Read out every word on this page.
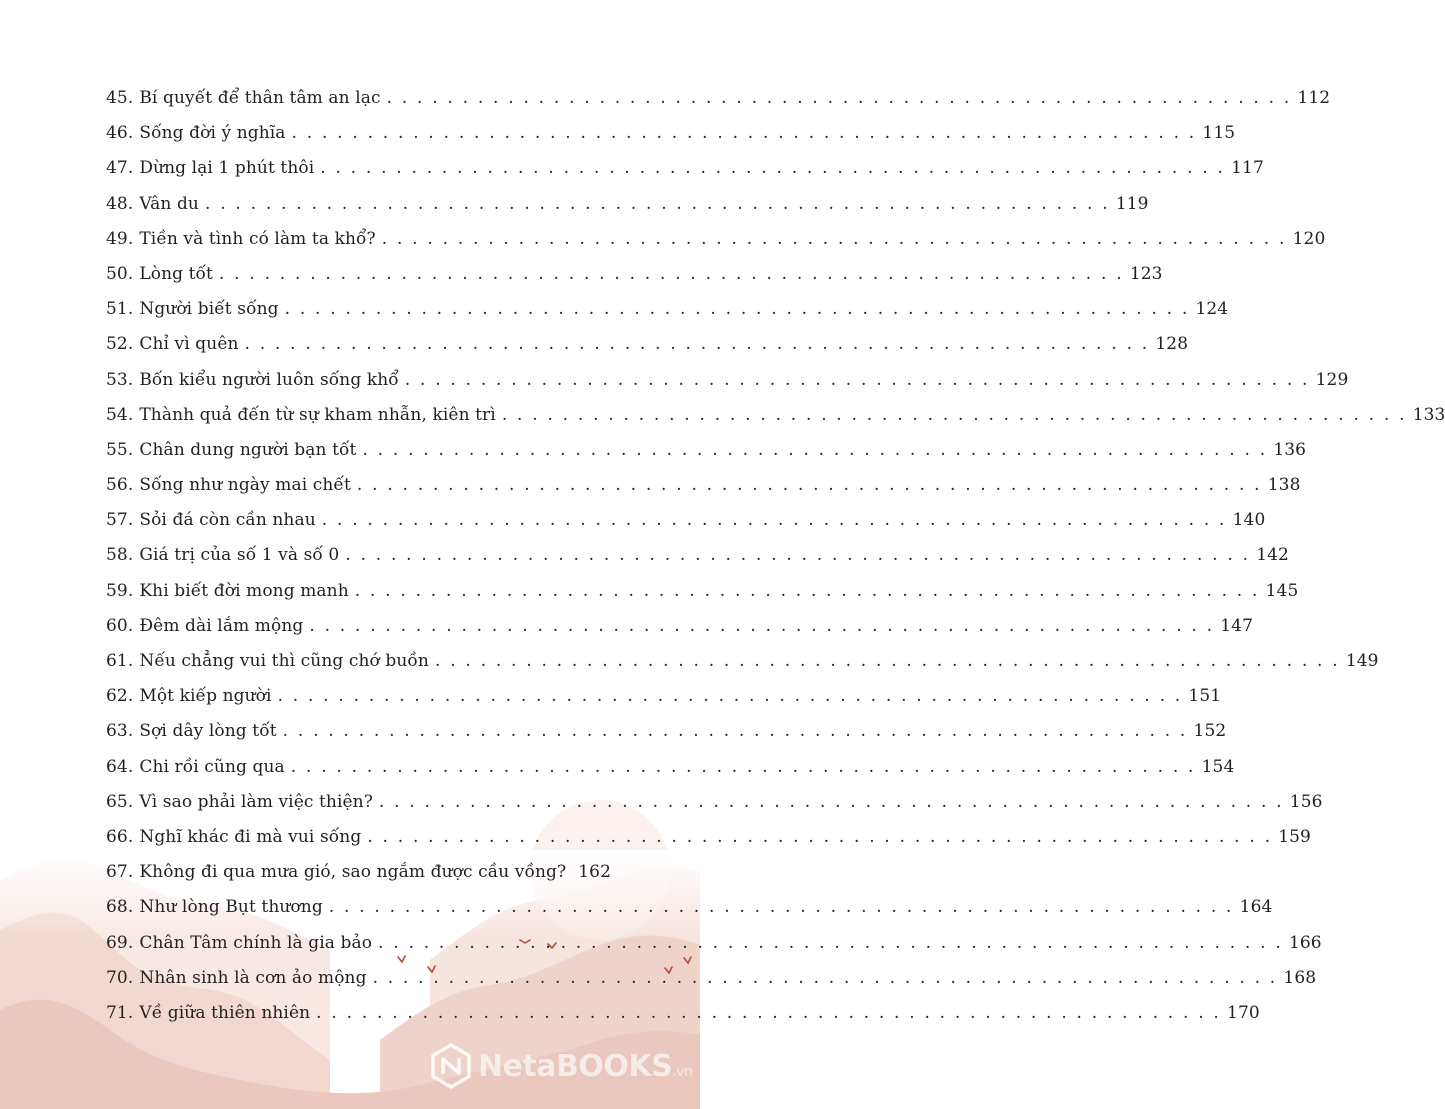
45. Bí quyết để thân tâm an lạc . . . . . . . . . . . . . . . . . . . . . . . . . . . . . . . . . . . . . . . . . . . . . . . . . . . . . . . . . . . . 112
46. Sống đời ý nghĩa . . . . . . . . . . . . . . . . . . . . . . . . . . . . . . . . . . . . . . . . . . . . . . . . . . . . . . . . . . . . 115
47. Dừng lại 1 phút thôi . . . . . . . . . . . . . . . . . . . . . . . . . . . . . . . . . . . . . . . . . . . . . . . . . . . . . . . . . . . . 117
48. Vân du . . . . . . . . . . . . . . . . . . . . . . . . . . . . . . . . . . . . . . . . . . . . . . . . . . . . . . . . . . . . 119
49. Tiền và tình có làm ta khổ? . . . . . . . . . . . . . . . . . . . . . . . . . . . . . . . . . . . . . . . . . . . . . . . . . . . . . . . . . . . . 120
50. Lòng tốt . . . . . . . . . . . . . . . . . . . . . . . . . . . . . . . . . . . . . . . . . . . . . . . . . . . . . . . . . . . . 123
51. Người biết sống . . . . . . . . . . . . . . . . . . . . . . . . . . . . . . . . . . . . . . . . . . . . . . . . . . . . . . . . . . . . 124
52. Chỉ vì quên . . . . . . . . . . . . . . . . . . . . . . . . . . . . . . . . . . . . . . . . . . . . . . . . . . . . . . . . . . . . 128
53. Bốn kiểu người luôn sống khổ . . . . . . . . . . . . . . . . . . . . . . . . . . . . . . . . . . . . . . . . . . . . . . . . . . . . . . . . . . . . 129
54. Thành quả đến từ sự kham nhẫn, kiên trì . . . . . . . . . . . . . . . . . . . . . . . . . . . . . . . . . . . . . . . . . . . . . . . . . . . . . . . . . . . . 133
55. Chân dung người bạn tốt . . . . . . . . . . . . . . . . . . . . . . . . . . . . . . . . . . . . . . . . . . . . . . . . . . . . . . . . . . . . 136
56. Sống như ngày mai chết . . . . . . . . . . . . . . . . . . . . . . . . . . . . . . . . . . . . . . . . . . . . . . . . . . . . . . . . . . . . 138
57. Sỏi đá còn cần nhau . . . . . . . . . . . . . . . . . . . . . . . . . . . . . . . . . . . . . . . . . . . . . . . . . . . . . . . . . . . . 140
58. Giá trị của số 1 và số 0 . . . . . . . . . . . . . . . . . . . . . . . . . . . . . . . . . . . . . . . . . . . . . . . . . . . . . . . . . . . . 142
59. Khi biết đời mong manh . . . . . . . . . . . . . . . . . . . . . . . . . . . . . . . . . . . . . . . . . . . . . . . . . . . . . . . . . . . . 145
60. Đêm dài lắm mộng . . . . . . . . . . . . . . . . . . . . . . . . . . . . . . . . . . . . . . . . . . . . . . . . . . . . . . . . . . . . 147
61. Nếu chẳng vui thì cũng chớ buồn . . . . . . . . . . . . . . . . . . . . . . . . . . . . . . . . . . . . . . . . . . . . . . . . . . . . . . . . . . . . 149
62. Một kiếp người . . . . . . . . . . . . . . . . . . . . . . . . . . . . . . . . . . . . . . . . . . . . . . . . . . . . . . . . . . . . 151
63. Sợi dây lòng tốt . . . . . . . . . . . . . . . . . . . . . . . . . . . . . . . . . . . . . . . . . . . . . . . . . . . . . . . . . . . . 152
64. Chi rồi cũng qua . . . . . . . . . . . . . . . . . . . . . . . . . . . . . . . . . . . . . . . . . . . . . . . . . . . . . . . . . . . . 154
65. Vì sao phải làm việc thiện? . . . . . . . . . . . . . . . . . . . . . . . . . . . . . . . . . . . . . . . . . . . . . . . . . . . . . . . . . . . . 156
66. Nghĩ khác đi mà vui sống . . . . . . . . . . . . . . . . . . . . . . . . . . . . . . . . . . . . . . . . . . . . . . . . . . . . . . . . . . . . 159
67. Không đi qua mưa gió, sao ngắm được cầu vồng? 162
68. Như lòng Bụt thương . . . . . . . . . . . . . . . . . . . . . . . . . . . . . . . . . . . . . . . . . . . . . . . . . . . . . . . . . . . . 164
69. Chân Tâm chính là gia bảo . . . . . . . . . . . . . . . . . . . . . . . . . . . . . . . . . . . . . . . . . . . . . . . . . . . . . . . . . . . . 166
70. Nhân sinh là cơn ảo mộng . . . . . . . . . . . . . . . . . . . . . . . . . . . . . . . . . . . . . . . . . . . . . . . . . . . . . . . . . . . . 168
71. Về giữa thiên nhiên . . . . . . . . . . . . . . . . . . . . . . . . . . . . . . . . . . . . . . . . . . . . . . . . . . . . . . . . . . . . 170
NetaBOOKS.vn
